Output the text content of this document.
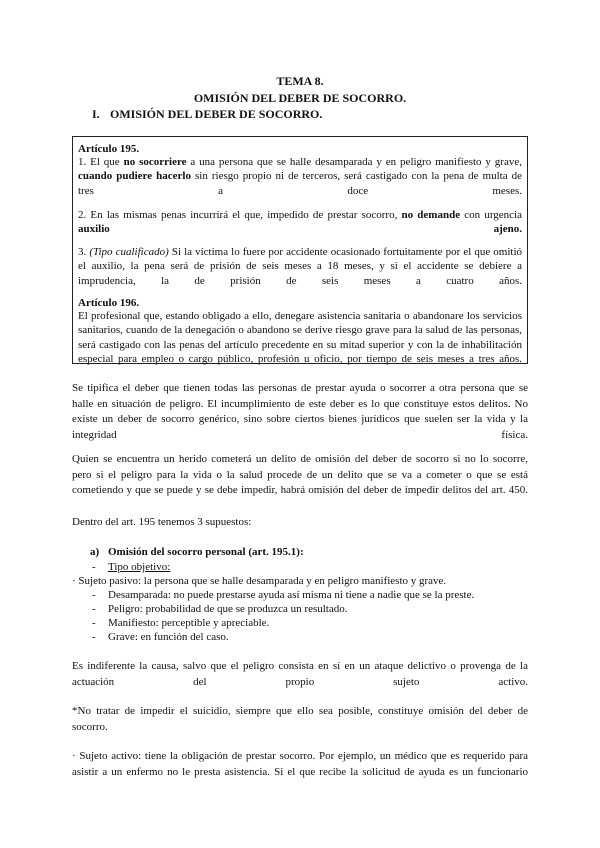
TEMA 8.
OMISIÓN DEL DEBER DE SOCORRO.
I. OMISIÓN DEL DEBER DE SOCORRO.
Artículo 195.
1. El que no socorriere a una persona que se halle desamparada y en peligro manifiesto y grave,
cuando pudiere hacerlo sin riesgo propio ni de terceros, será castigado con la pena de multa de
tres a doce meses.
2. En las mismas penas incurrirá el que, impedido de prestar socorro, no demande con urgencia
auxilio ajeno.
3. (Tipo cualificado) Si la víctima lo fuere por accidente ocasionado fortuitamente por el que omitió
el auxilio, la pena será de prisión de seis meses a 18 meses, y si el accidente se debiere a
imprudencia, la de prisión de seis meses a cuatro años.
Artículo 196.
El profesional que, estando obligado a ello, denegare asistencia sanitaria o abandonare los servicios
sanitarios, cuando de la denegación o abandono se derive riesgo grave para la salud de las personas,
será castigado con las penas del artículo precedente en su mitad superior y con la de inhabilitación
especial para empleo o cargo público, profesión u oficio, por tiempo de seis meses a tres años.
Se tipifica el deber que tienen todas las personas de prestar ayuda o socorrer a otra persona que se
halle en situación de peligro. El incumplimiento de este deber es lo que constituye estos delitos. No
existe un deber de socorro genérico, sino sobre ciertos bienes jurídicos que suelen ser la vida y la
integridad física.
Quien se encuentra un herido cometerá un delito de omisión del deber de socorro si no lo socorre,
pero si el peligro para la vida o la salud procede de un delito que se va a cometer o que se está
cometiendo y que se puede y se debe impedir, habrá omisión del deber de impedir delitos del art. 450.
Dentro del art. 195 tenemos 3 supuestos:
a) Omisión del socorro personal (art. 195.1):
- Tipo objetivo:
· Sujeto pasivo: la persona que se halle desamparada y en peligro manifiesto y grave.
- Desamparada: no puede prestarse ayuda así misma ni tiene a nadie que se la preste.
- Peligro: probabilidad de que se produzca un resultado.
- Manifiesto: perceptible y apreciable.
- Grave: en función del caso.
Es indiferente la causa, salvo que el peligro consista en sí en un ataque delictivo o provenga de la
actuación del propio sujeto activo.
*No tratar de impedir el suicidio, siempre que ello sea posible, constituye omisión del deber de
socorro.
· Sujeto activo: tiene la obligación de prestar socorro. Por ejemplo, un médico que es requerido para
asistir a un enfermo no le presta asistencia. Si el que recibe la solicitud de ayuda es un funcionario
